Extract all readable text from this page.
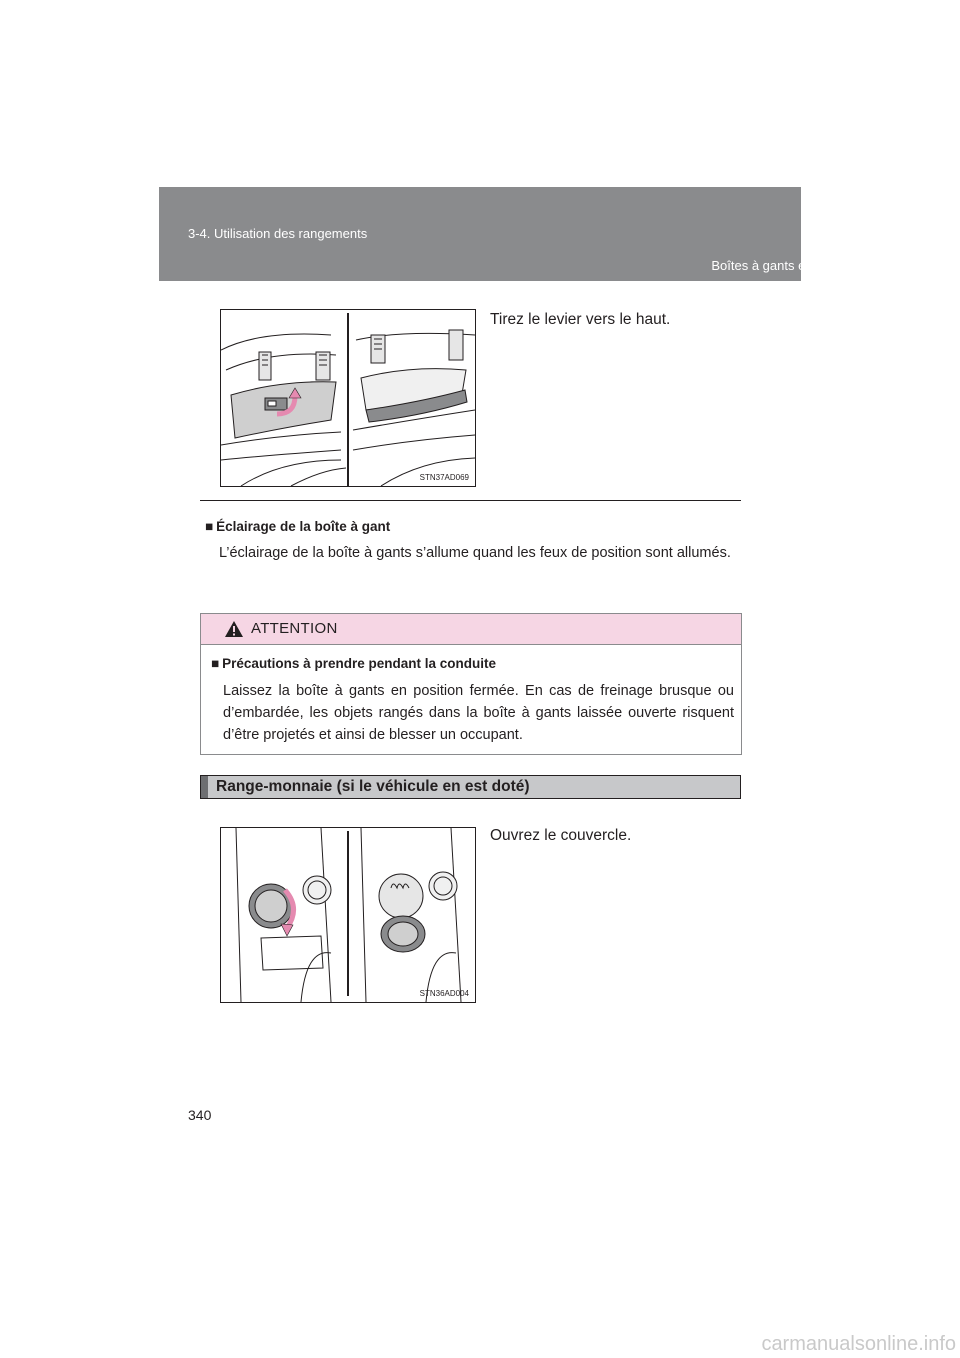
3-4. Utilisation des rangements
Boîtes à gants et range-monnaie
STN37AD069
Tirez le levier vers le haut.
■ Éclairage de la boîte à gant
L’éclairage de la boîte à gants s’allume quand les feux de position sont allumés.
ATTENTION
■ Précautions à prendre pendant la conduite
Laissez la boîte à gants en position fermée. En cas de freinage brusque ou d’embardée, les objets rangés dans la boîte à gants laissée ouverte risquent d’être projetés et ainsi de blesser un occupant.
Range-monnaie (si le véhicule en est doté)
STN36AD004
Ouvrez le couvercle.
340
carmanualsonline.info
